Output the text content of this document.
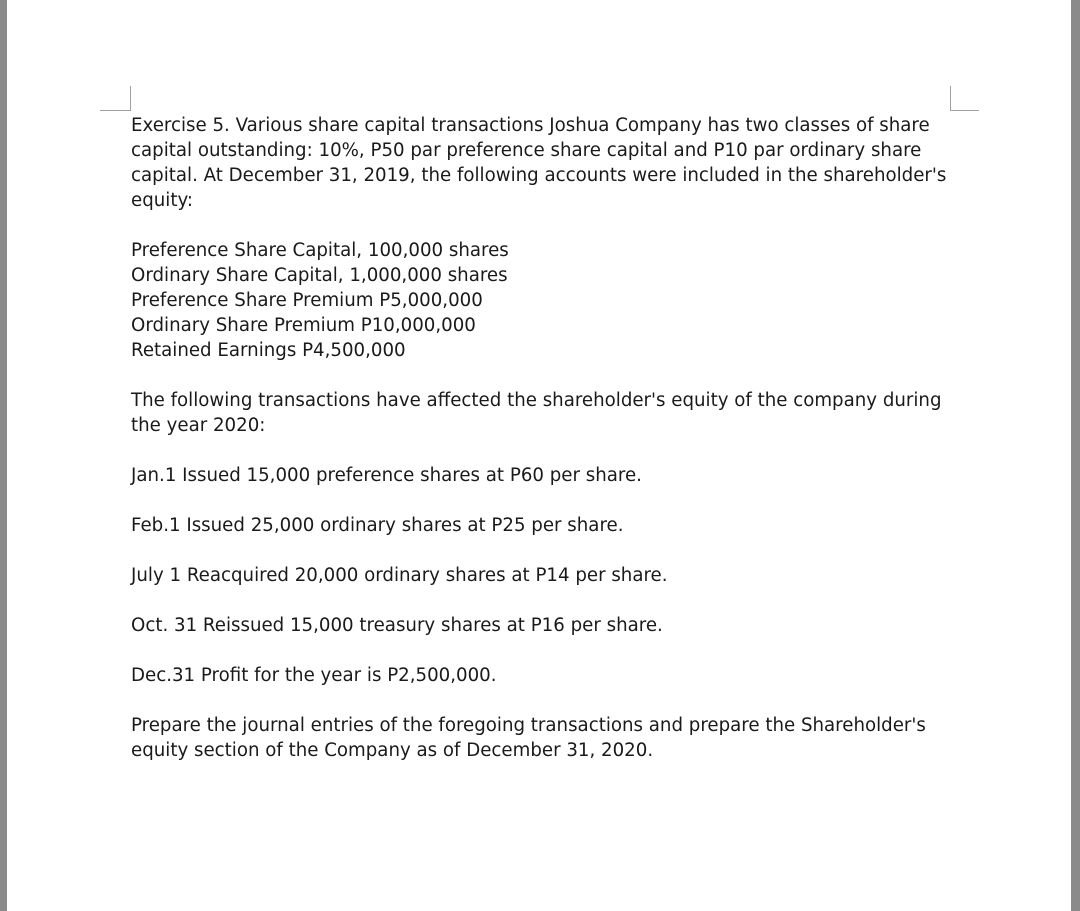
Exercise 5. Various share capital transactions Joshua Company has two classes of share
capital outstanding: 10%, P50 par preference share capital and P10 par ordinary share
capital. At December 31, 2019, the following accounts were included in the shareholder's
equity:

Preference Share Capital, 100,000 shares
Ordinary Share Capital, 1,000,000 shares
Preference Share Premium P5,000,000
Ordinary Share Premium P10,000,000
Retained Earnings P4,500,000

The following transactions have affected the shareholder's equity of the company during
the year 2020:

Jan.1 Issued 15,000 preference shares at P60 per share.

Feb.1 Issued 25,000 ordinary shares at P25 per share.

July 1 Reacquired 20,000 ordinary shares at P14 per share.

Oct. 31 Reissued 15,000 treasury shares at P16 per share.

Dec.31 Profit for the year is P2,500,000.

Prepare the journal entries of the foregoing transactions and prepare the Shareholder's
equity section of the Company as of December 31, 2020.
